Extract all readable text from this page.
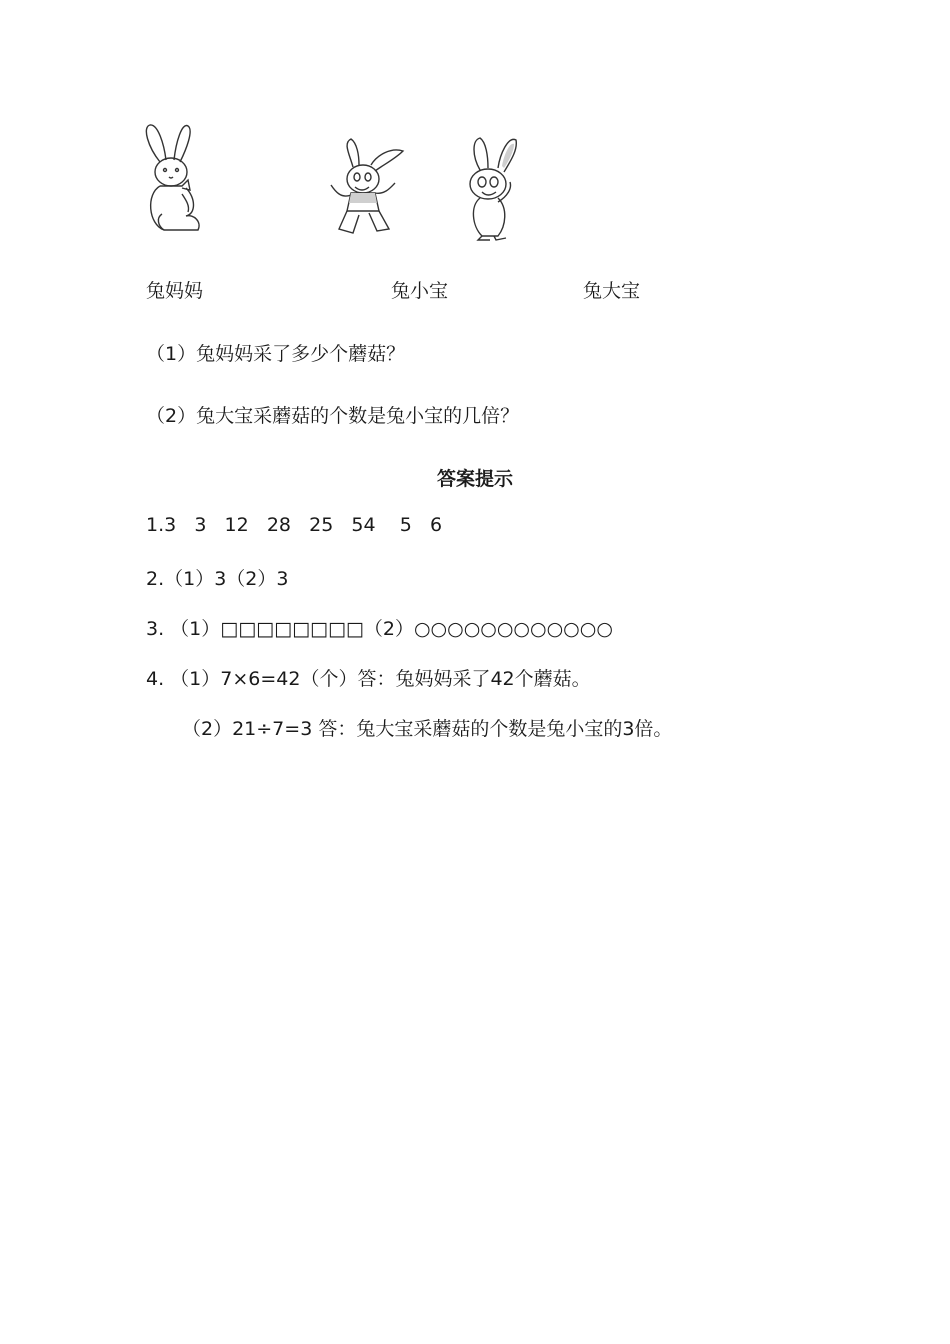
兔妈妈	兔小宝	兔大宝
（1）兔妈妈采了多少个蘑菇？
（2）兔大宝采蘑菇的个数是兔小宝的几倍？
答案提示
1.3   3   12   28   25   54    5   6
2.（1）3（2）3
3. （1）□□□□□□□□（2）○○○○○○○○○○○○
4. （1）7×6=42（个）答：兔妈妈采了42个蘑菇。
（2）21÷7=3 答：兔大宝采蘑菇的个数是兔小宝的3倍。
